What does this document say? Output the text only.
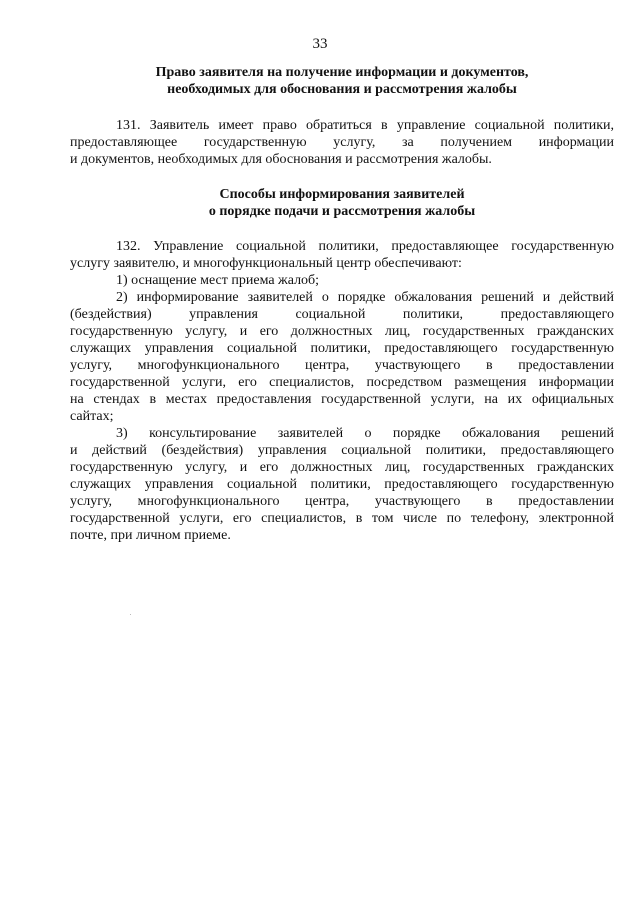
33
Право заявителя на получение информации и документов,
необходимых для обоснования и рассмотрения жалобы
131. Заявитель имеет право обратиться в управление социальной политики,
предоставляющее государственную услугу, за получением информации
и документов, необходимых для обоснования и рассмотрения жалобы.
Способы информирования заявителей
о порядке подачи и рассмотрения жалобы
132. Управление социальной политики, предоставляющее государственную
услугу заявителю, и многофункциональный центр обеспечивают:
1) оснащение мест приема жалоб;
2) информирование заявителей о порядке обжалования решений и действий
(бездействия) управления социальной политики, предоставляющего
государственную услугу, и его должностных лиц, государственных гражданских
служащих управления социальной политики, предоставляющего государственную
услугу, многофункционального центра, участвующего в предоставлении
государственной услуги, его специалистов, посредством размещения информации
на стендах в местах предоставления государственной услуги, на их официальных
сайтах;
3) консультирование заявителей о порядке обжалования решений
и действий (бездействия) управления социальной политики, предоставляющего
государственную услугу, и его должностных лиц, государственных гражданских
служащих управления социальной политики, предоставляющего государственную
услугу, многофункционального центра, участвующего в предоставлении
государственной услуги, его специалистов, в том числе по телефону, электронной
почте, при личном приеме.
